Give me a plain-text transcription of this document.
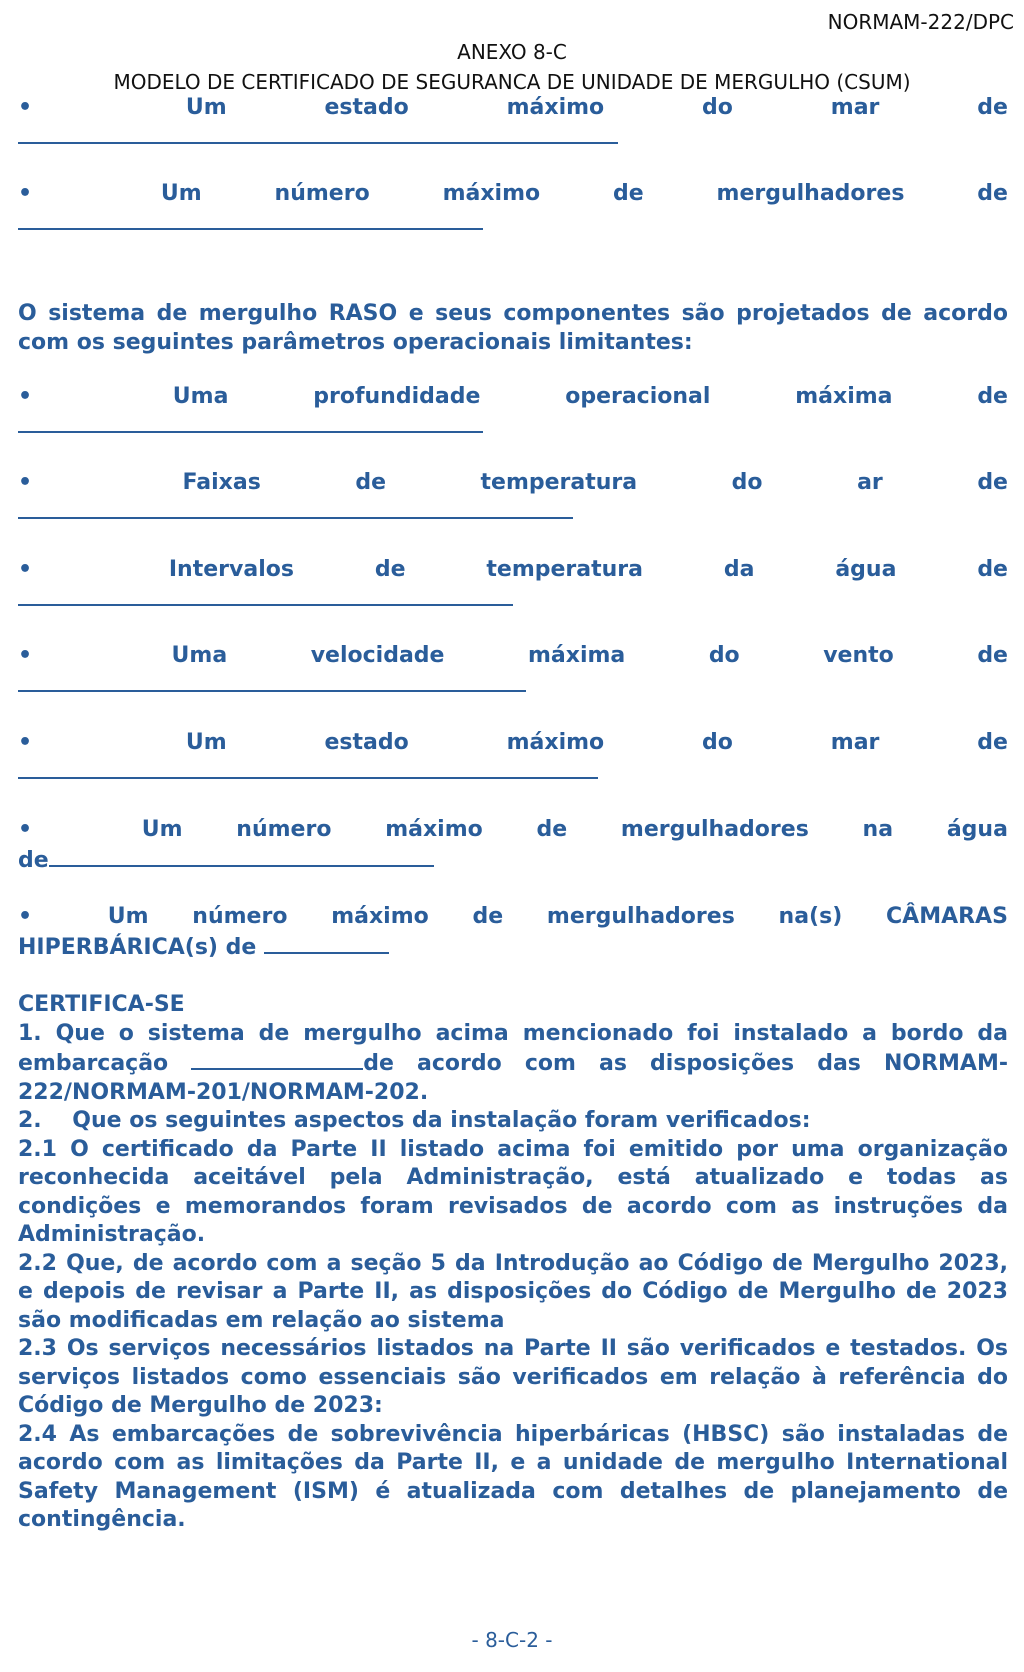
NORMAM-222/DPC
ANEXO 8-C
MODELO DE CERTIFICADO DE SEGURANCA DE UNIDADE DE MERGULHO (CSUM)
•	Um	estado	máximo	do	mar	de
•	Um	número	máximo	de	mergulhadores	de
O sistema de mergulho RASO e seus componentes são projetados de acordo com os seguintes parâmetros operacionais limitantes:
•	Uma	profundidade	operacional	máxima	de
•	Faixas	de	temperatura	do	ar	de
•	Intervalos	de	temperatura	da	água	de
•	Uma	velocidade	máxima	do	vento	de
•	Um	estado	máximo	do	mar	de
•	Um número máximo de mergulhadores na água
de
•	Um número máximo de mergulhadores na(s) CÂMARAS
HIPERBÁRICA(s) de
CERTIFICA-SE
1. Que o sistema de mergulho acima mencionado foi instalado a bordo da embarcação	de acordo com as disposições das NORMAM-222/NORMAM-201/NORMAM-202.
2.    Que os seguintes aspectos da instalação foram verificados:
2.1 O certificado da Parte II listado acima foi emitido por uma organização reconhecida aceitável pela Administração, está atualizado e todas as condições e memorandos foram revisados de acordo com as instruções da Administração.
2.2 Que, de acordo com a seção 5 da Introdução ao Código de Mergulho 2023, e depois de revisar a Parte II, as disposições do Código de Mergulho de 2023 são modificadas em relação ao sistema
2.3 Os serviços necessários listados na Parte II são verificados e testados. Os serviços listados como essenciais são verificados em relação à referência do Código de Mergulho de 2023:
2.4 As embarcações de sobrevivência hiperbáricas (HBSC) são instaladas de acordo com as limitações da Parte II, e a unidade de mergulho International Safety Management (ISM) é atualizada com detalhes de planejamento de contingência.
- 8-C-2 -
